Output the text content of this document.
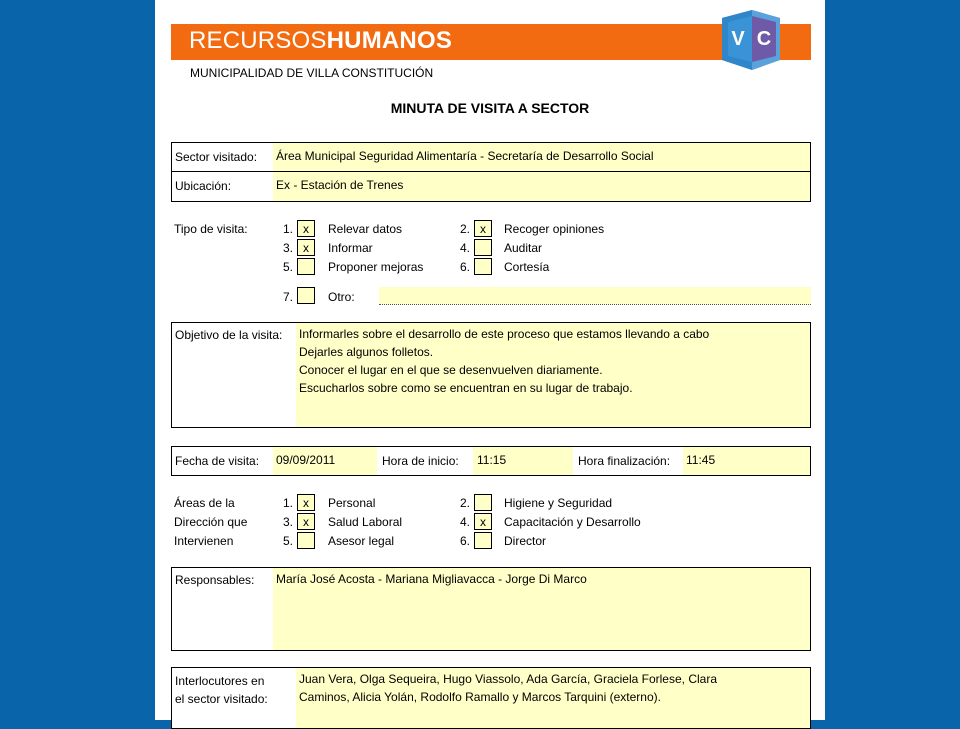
RECURSOSHUMANOS	V C
MUNICIPALIDAD DE VILLA CONSTITUCIÓN
MINUTA DE VISITA A SECTOR
Sector visitado: Área Municipal Seguridad Alimentaría - Secretaría de Desarrollo Social
Ubicación:	Ex - Estación de Trenes
Tipo de visita:	1. x	Relevar datos	2. x	Recoger opiniones
3. x	Informar	4.	Auditar
5.	Proponer mejoras	6.	Cortesía
7.	Otro:
Objetivo de la visita: Informarles sobre el desarrollo de este proceso que estamos llevando a cabo
Dejarles algunos folletos.
Conocer el lugar en el que se desenvuelven diariamente.
Escucharlos sobre como se encuentran en su lugar de trabajo.
Fecha de visita: 09/09/2011	Hora de inicio: 11:15	Hora finalización: 11:45
Áreas de la
Dirección que
Intervienen
1. x	Personal	2.	Higiene y Seguridad
3. x	Salud Laboral	4. x	Capacitación y Desarrollo
5.	Asesor legal	6.	Director
Responsables: María José Acosta - Mariana Migliavacca - Jorge Di Marco
Interlocutores en
el sector visitado:
Juan Vera, Olga Sequeira, Hugo Viassolo, Ada García, Graciela Forlese, Clara
Caminos, Alicia Yolán, Rodolfo Ramallo y Marcos Tarquini (externo).
